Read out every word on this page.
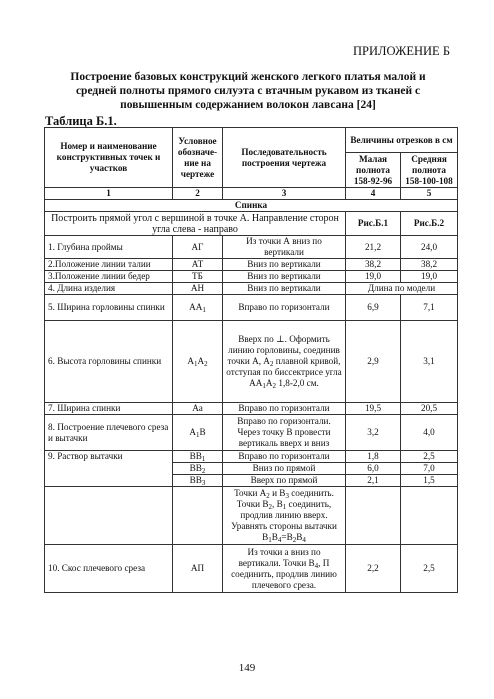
ПРИЛОЖЕНИЕ Б
Построение базовых конструкций женского легкого платья малой и
средней полноты прямого силуэта с втачным рукавом из тканей с
повышенным содержанием волокон лавсана [24]
Таблица Б.1.
Номер и наименование конструктивных точек и участков	Условное обозначе-ние на чертеже	Последовательность построения чертежа	Величины отрезков в см	
			Малая полнота 158-92-96	Средняя полнота 158-100-108
1	2	3	4	5
Спинка				
Построить прямой угол с вершиной в точке А. Направление сторон угла слева - направо			Рис.Б.1	Рис.Б.2
1. Глубина проймы	АГ	Из точки А вниз по вертикали	21,2	24,0
2.Положение линии талии	АТ	Вниз по вертикали	38,2	38,2
3.Положение линии бедер	ТБ	Вниз по вертикали	19,0	19,0
4. Длина изделия	АН	Вниз по вертикали	Длина по модели	
5. Ширина горловины спинки	$АА_1$	Вправо по горизонтали	6,9	7,1
6. Высота горловины спинки	$А_1А_2$	Вверх по ⊥. Оформить линию горловины, соединив точки А, $А_2$ плавной кривой, отступая по биссектрисе угла $АА_1А_2$ 1,8-2,0 см.	2,9	3,1
7. Ширина спинки	Аа	Вправо по горизонтали	19,5	20,5
8. Построение плечевого среза и вытачки	$А_1В$	Вправо по горизонтали. Через точку В провести вертикаль вверх и вниз	3,2	4,0
9. Раствор вытачки	$ВВ_1$	Вправо по горизонтали	1,8	2,5
	$ВВ_2$	Вниз по прямой	6,0	7,0
	$ВВ_3$	Вверх по прямой	2,1	1,5
		Точки $А_2$ и $В_3$ соединить. Точки $В_2$, $В_1$ соединить, продлив линию вверх. Уравнять стороны вытачки $В_1В_4=В_2В_4$		
10. Скос плечевого среза	АП	Из точки а вниз по вертикали. Точки $В_4$, П соединить, продлив линию плечевого среза.	2,2	2,5
149
